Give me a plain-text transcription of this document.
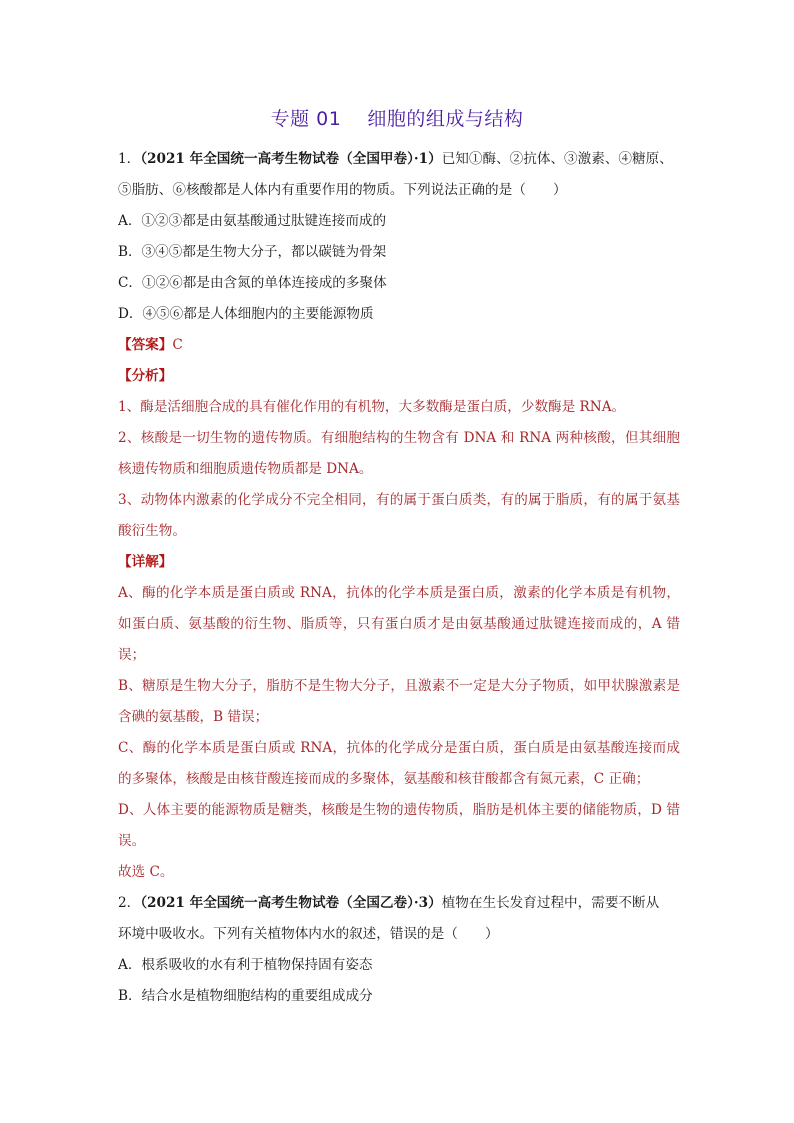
专题 01　 细胞的组成与结构
1．（2021 年全国统一高考生物试卷（全国甲卷）·1）已知①酶、②抗体、③激素、④糖原、
⑤脂肪、⑥核酸都是人体内有重要作用的物质。下列说法正确的是（　　）
A．①②③都是由氨基酸通过肽键连接而成的
B．③④⑤都是生物大分子，都以碳链为骨架
C．①②⑥都是由含氮的单体连接成的多聚体
D．④⑤⑥都是人体细胞内的主要能源物质
【答案】C
【分析】
1、酶是活细胞合成的具有催化作用的有机物，大多数酶是蛋白质，少数酶是 RNA。
2、核酸是一切生物的遗传物质。有细胞结构的生物含有 DNA 和 RNA 两种核酸，但其细胞核遗传物质和细胞质遗传物质都是 DNA。
3、动物体内激素的化学成分不完全相同，有的属于蛋白质类，有的属于脂质，有的属于氨基酸衍生物。
【详解】
A、酶的化学本质是蛋白质或 RNA，抗体的化学本质是蛋白质，激素的化学本质是有机物，如蛋白质、氨基酸的衍生物、脂质等，只有蛋白质才是由氨基酸通过肽键连接而成的，A 错误；
B、糖原是生物大分子，脂肪不是生物大分子，且激素不一定是大分子物质，如甲状腺激素是含碘的氨基酸，B 错误；
C、酶的化学本质是蛋白质或 RNA，抗体的化学成分是蛋白质，蛋白质是由氨基酸连接而成的多聚体，核酸是由核苷酸连接而成的多聚体，氨基酸和核苷酸都含有氮元素，C 正确；
D、人体主要的能源物质是糖类，核酸是生物的遗传物质，脂肪是机体主要的储能物质，D 错误。
故选 C。
2．（2021 年全国统一高考生物试卷（全国乙卷）·3）植物在生长发育过程中，需要不断从
环境中吸收水。下列有关植物体内水的叙述，错误的是（　　）
A．根系吸收的水有利于植物保持固有姿态
B．结合水是植物细胞结构的重要组成成分
